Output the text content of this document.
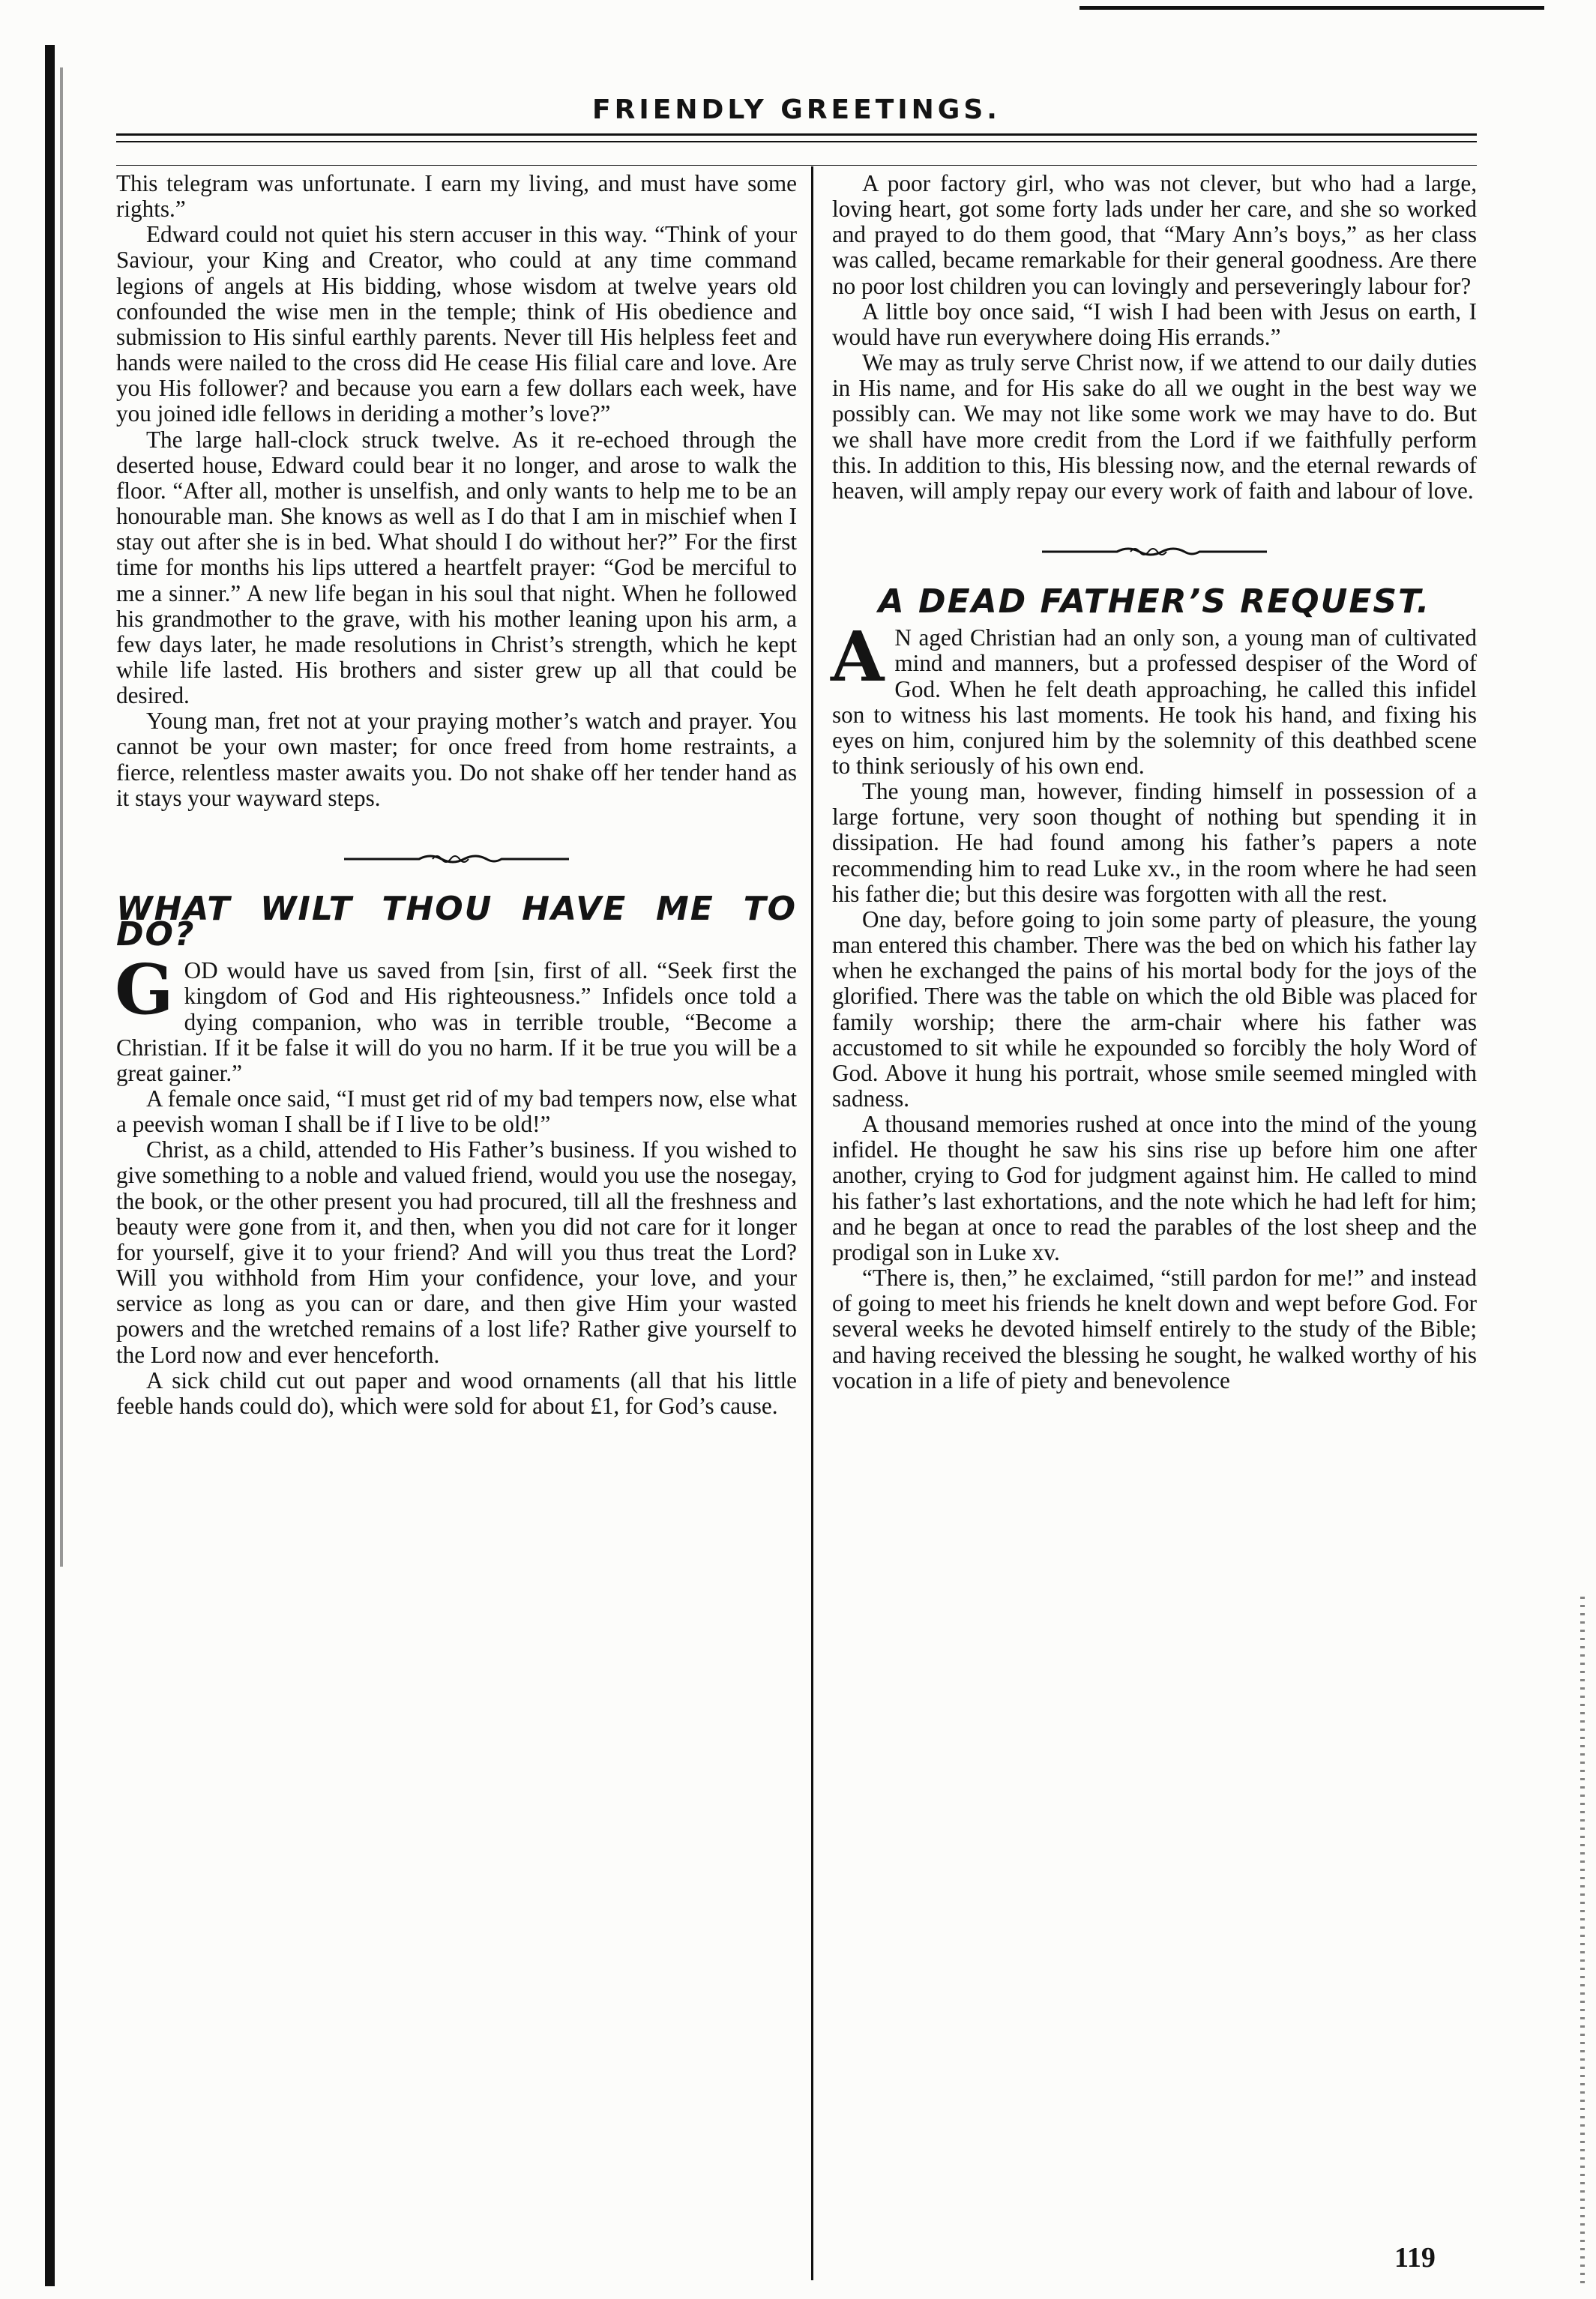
FRIENDLY GREETINGS.

This telegram was unfortunate. I earn my living, and must have some rights.”

Edward could not quiet his stern accuser in this way. “Think of your Saviour, your King and Creator, who could at any time command legions of angels at His bidding, whose wisdom at twelve years old confounded the wise men in the temple; think of His obedience and submission to His sinful earthly parents. Never till His helpless feet and hands were nailed to the cross did He cease His filial care and love. Are you His follower? and because you earn a few dollars each week, have you joined idle fellows in deriding a mother’s love?”

The large hall-clock struck twelve. As it re-echoed through the deserted house, Edward could bear it no longer, and arose to walk the floor. “After all, mother is unselfish, and only wants to help me to be an honourable man. She knows as well as I do that I am in mischief when I stay out after she is in bed. What should I do without her?” For the first time for months his lips uttered a heartfelt prayer: “God be merciful to me a sinner.” A new life began in his soul that night. When he followed his grandmother to the grave, with his mother leaning upon his arm, a few days later, he made resolutions in Christ’s strength, which he kept while life lasted. His brothers and sister grew up all that could be desired.

Young man, fret not at your praying mother’s watch and prayer. You cannot be your own master; for once freed from home restraints, a fierce, relentless master awaits you. Do not shake off her tender hand as it stays your wayward steps.

WHAT WILT THOU HAVE ME TO DO?

GOD would have us saved from [sin, first of all. “Seek first the kingdom of God and His righteousness.” Infidels once told a dying companion, who was in terrible trouble, “Become a Christian. If it be false it will do you no harm. If it be true you will be a great gainer.”

A female once said, “I must get rid of my bad tempers now, else what a peevish woman I shall be if I live to be old!”

Christ, as a child, attended to His Father’s business. If you wished to give something to a noble and valued friend, would you use the nosegay, the book, or the other present you had procured, till all the freshness and beauty were gone from it, and then, when you did not care for it longer for yourself, give it to your friend? And will you thus treat the Lord? Will you withhold from Him your confidence, your love, and your service as long as you can or dare, and then give Him your wasted powers and the wretched remains of a lost life? Rather give yourself to the Lord now and ever henceforth.

A sick child cut out paper and wood ornaments (all that his little feeble hands could do), which were sold for about £1, for God’s cause.

A poor factory girl, who was not clever, but who had a large, loving heart, got some forty lads under her care, and she so worked and prayed to do them good, that “Mary Ann’s boys,” as her class was called, became remarkable for their general goodness. Are there no poor lost children you can lovingly and perseveringly labour for?

A little boy once said, “I wish I had been with Jesus on earth, I would have run everywhere doing His errands.”

We may as truly serve Christ now, if we attend to our daily duties in His name, and for His sake do all we ought in the best way we possibly can. We may not like some work we may have to do. But we shall have more credit from the Lord if we faithfully perform this. In addition to this, His blessing now, and the eternal rewards of heaven, will amply repay our every work of faith and labour of love.

A DEAD FATHER’S REQUEST.

A N aged Christian had an only son, a young man of cultivated mind and manners, but a professed despiser of the Word of God. When he felt death approaching, he called this infidel son to witness his last moments. He took his hand, and fixing his eyes on him, conjured him by the solemnity of this deathbed scene to think seriously of his own end.

The young man, however, finding himself in possession of a large fortune, very soon thought of nothing but spending it in dissipation. He had found among his father’s papers a note recommending him to read Luke xv., in the room where he had seen his father die; but this desire was forgotten with all the rest.

One day, before going to join some party of pleasure, the young man entered this chamber. There was the bed on which his father lay when he exchanged the pains of his mortal body for the joys of the glorified. There was the table on which the old Bible was placed for family worship; there the arm-chair where his father was accustomed to sit while he expounded so forcibly the holy Word of God. Above it hung his portrait, whose smile seemed mingled with sadness.

A thousand memories rushed at once into the mind of the young infidel. He thought he saw his sins rise up before him one after another, crying to God for judgment against him. He called to mind his father’s last exhortations, and the note which he had left for him; and he began at once to read the parables of the lost sheep and the prodigal son in Luke xv.

“There is, then,” he exclaimed, “still pardon for me!” and instead of going to meet his friends he knelt down and wept before God. For several weeks he devoted himself entirely to the study of the Bible; and having received the blessing he sought, he walked worthy of his vocation in a life of piety and benevolence

119
